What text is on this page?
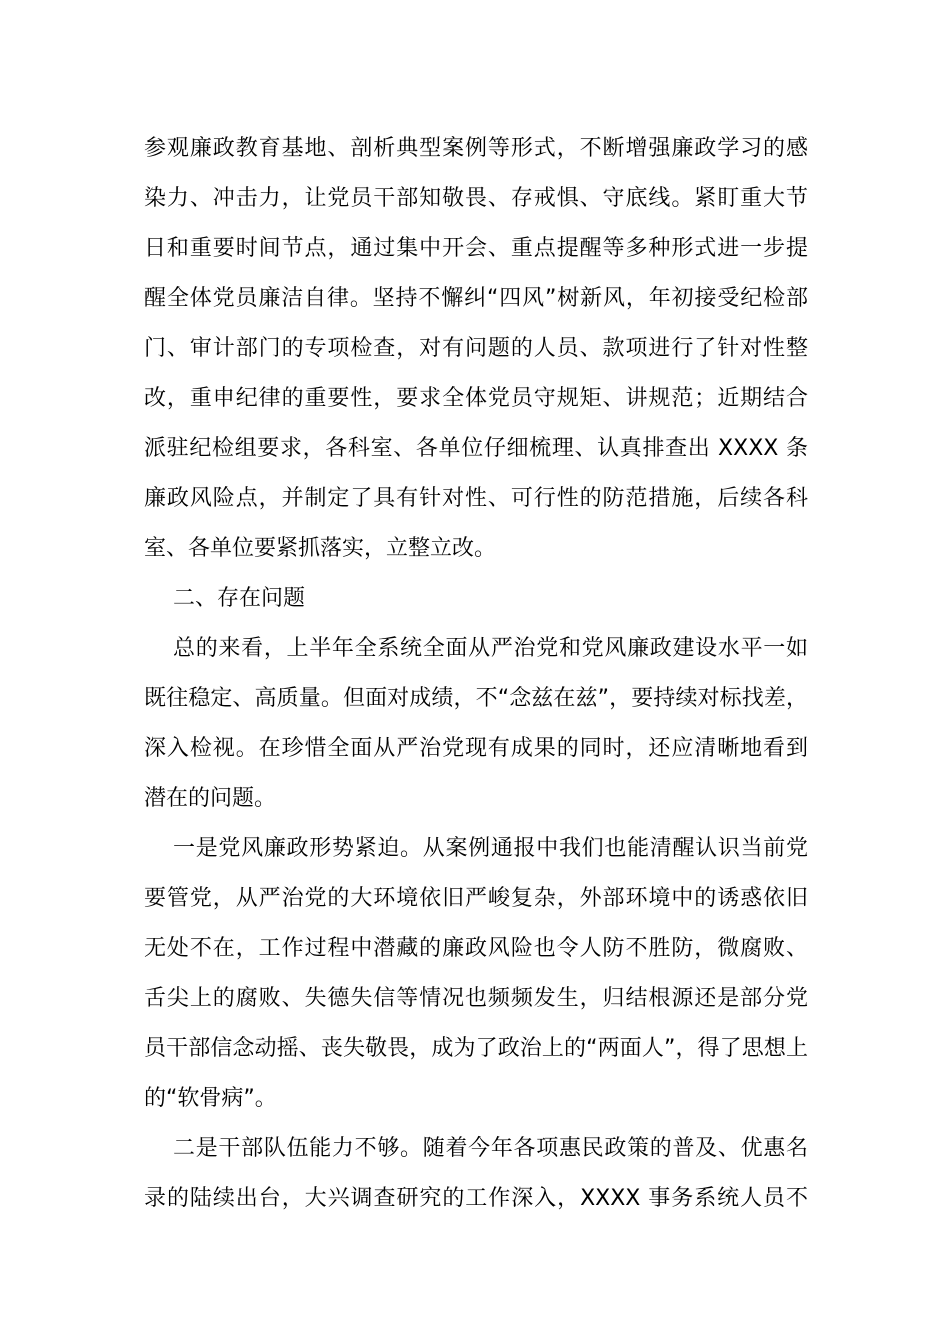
参观廉政教育基地、剖析典型案例等形式，不断增强廉政学习的感
染力、冲击力，让党员干部知敬畏、存戒惧、守底线。紧盯重大节
日和重要时间节点，通过集中开会、重点提醒等多种形式进一步提
醒全体党员廉洁自律。坚持不懈纠“四风”树新风，年初接受纪检部
门、审计部门的专项检查，对有问题的人员、款项进行了针对性整
改，重申纪律的重要性，要求全体党员守规矩、讲规范；近期结合
派驻纪检组要求，各科室、各单位仔细梳理、认真排查出 XXXX 条
廉政风险点，并制定了具有针对性、可行性的防范措施，后续各科
室、各单位要紧抓落实，立整立改。
二、存在问题
总的来看，上半年全系统全面从严治党和党风廉政建设水平一如
既往稳定、高质量。但面对成绩，不“念兹在兹”，要持续对标找差，
深入检视。在珍惜全面从严治党现有成果的同时，还应清晰地看到
潜在的问题。
一是党风廉政形势紧迫。从案例通报中我们也能清醒认识当前党
要管党，从严治党的大环境依旧严峻复杂，外部环境中的诱惑依旧
无处不在，工作过程中潜藏的廉政风险也令人防不胜防，微腐败、
舌尖上的腐败、失德失信等情况也频频发生，归结根源还是部分党
员干部信念动摇、丧失敬畏，成为了政治上的“两面人”，得了思想上
的“软骨病”。
二是干部队伍能力不够。随着今年各项惠民政策的普及、优惠名
录的陆续出台，大兴调查研究的工作深入，XXXX 事务系统人员不
